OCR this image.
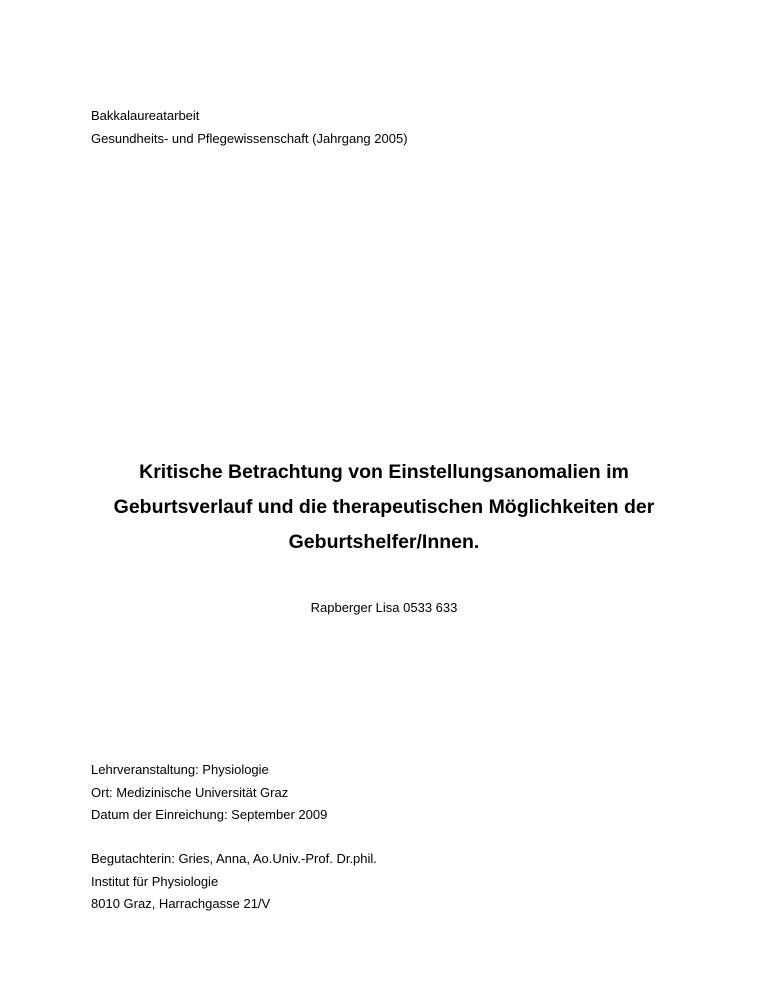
Bakkalaureatarbeit
Gesundheits- und Pflegewissenschaft (Jahrgang 2005)
Kritische Betrachtung von Einstellungsanomalien im
Geburtsverlauf und die therapeutischen Möglichkeiten der
Geburtshelfer/Innen.
Rapberger Lisa 0533 633
Lehrveranstaltung: Physiologie
Ort: Medizinische Universität Graz
Datum der Einreichung: September 2009
Begutachterin: Gries, Anna, Ao.Univ.-Prof. Dr.phil.
Institut für Physiologie
8010 Graz, Harrachgasse 21/V
